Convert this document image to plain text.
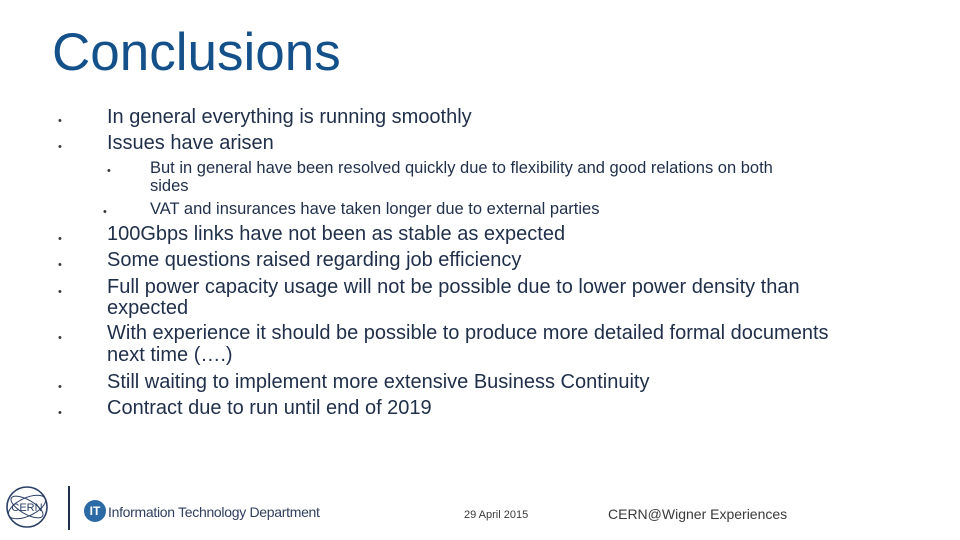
Conclusions
• In general everything is running smoothly
• Issues have arisen
• But in general have been resolved quickly due to flexibility and good relations on both
sides
•	VAT and insurances have taken longer due to external parties
• 100Gbps links have not been as stable as expected
• Some questions raised regarding job efficiency
• Full power capacity usage will not be possible due to lower power density than
expected
• With experience it should be possible to produce more detailed formal documents
next time (….)
• Still waiting to implement more extensive Business Continuity
• Contract due to run until end of 2019
CERN	IT Information Technology Department	29 April 2015	CERN@Wigner Experiences
